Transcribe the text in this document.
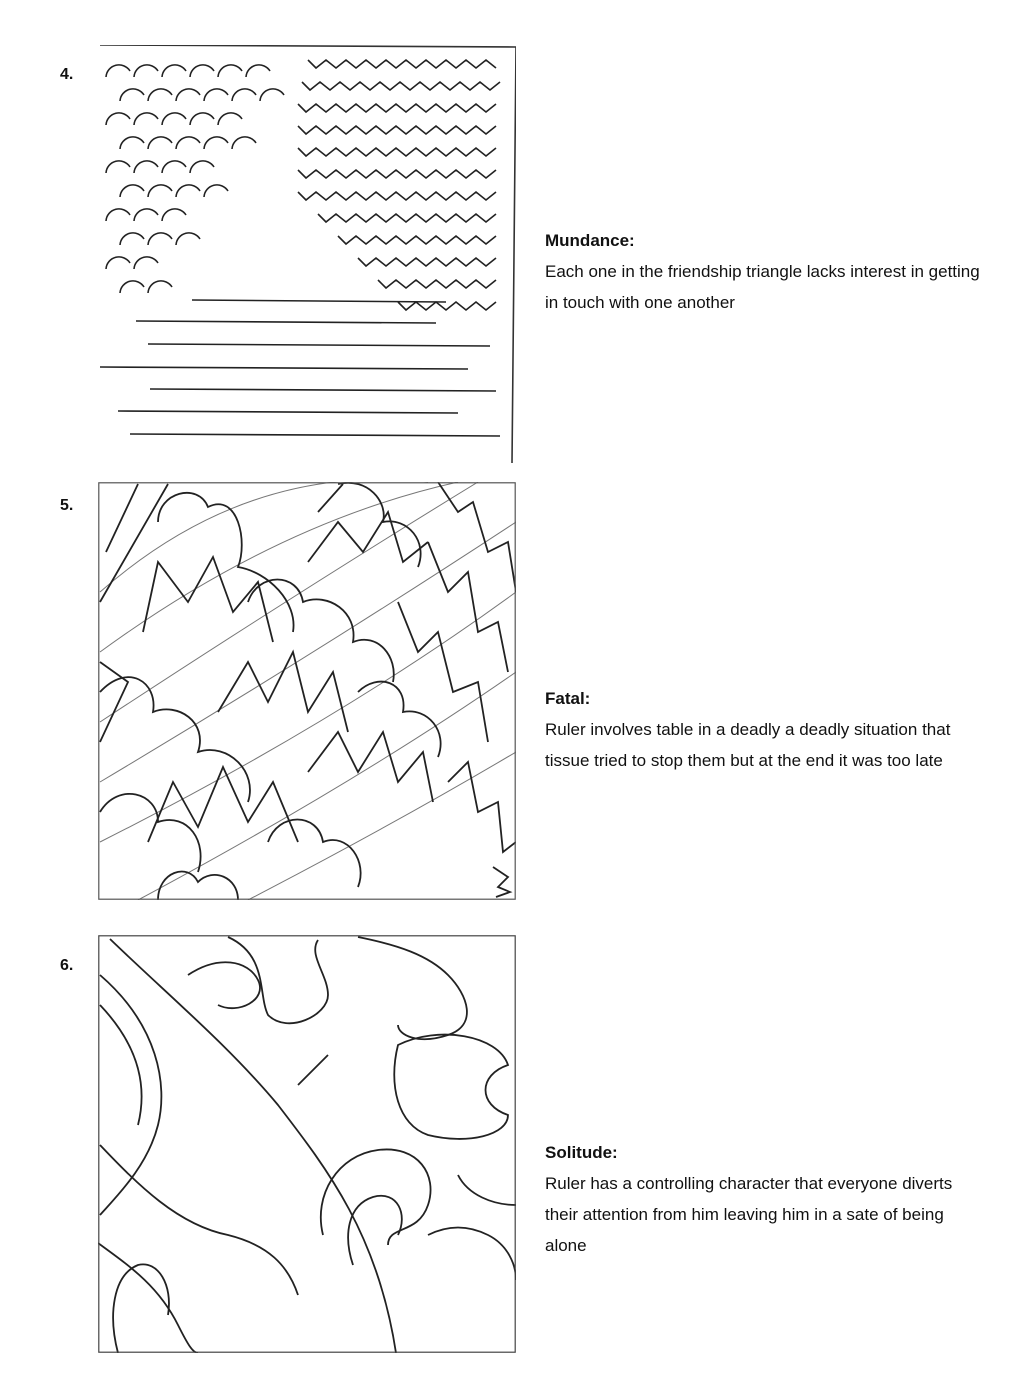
4.
Mundance:
Each one in the friendship triangle lacks interest in getting in touch with one another
5.
Fatal:
Ruler involves table in a deadly a deadly situation that tissue tried to stop them but at the end it was too late
6.
Solitude:
Ruler has a controlling character that everyone diverts their attention from him leaving him in a sate of being alone
